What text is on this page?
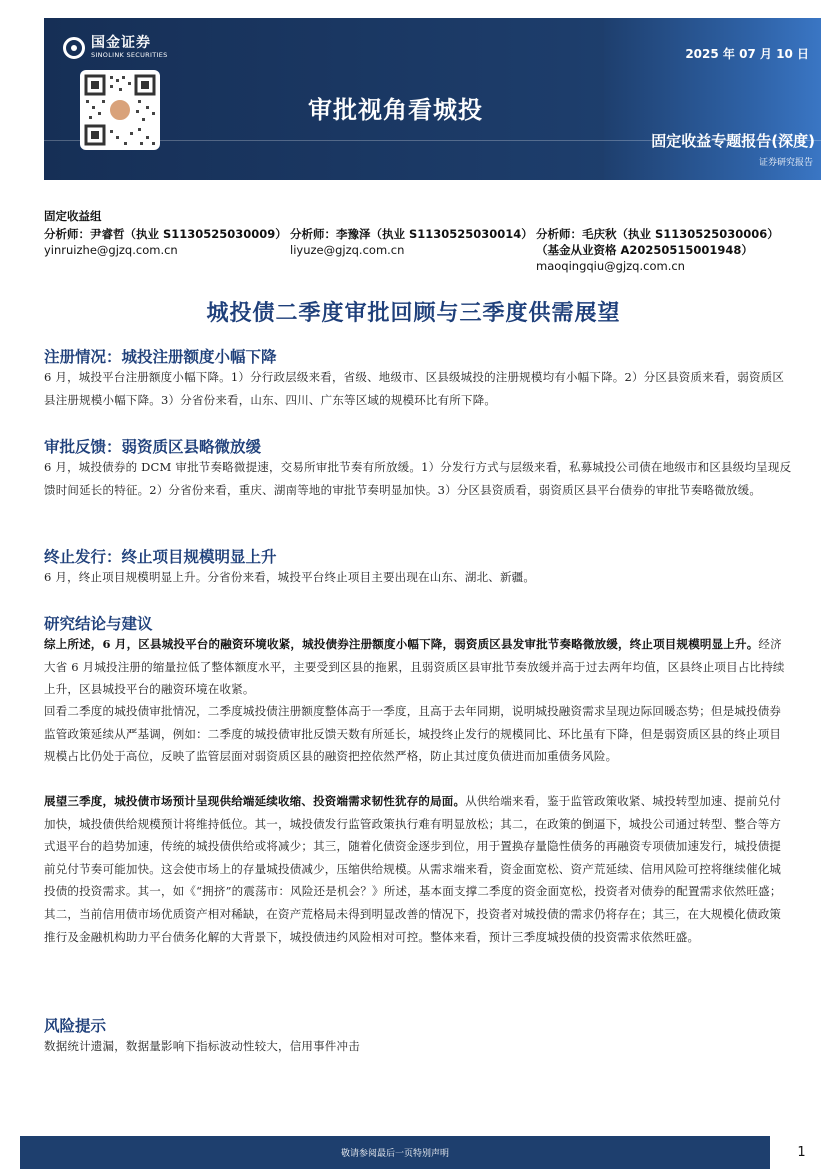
国金证券
SINOLINK SECURITIES	2025 年 07 月 10 日
审批视角看城投
固定收益专题报告(深度)
证券研究报告
固定收益组
分析师：尹睿哲（执业 S1130525030009）
yinruizhe@gjzq.com.cn
分析师：李豫泽（执业 S1130525030014）
liyuze@gjzq.com.cn
分析师：毛庆秋（执业 S1130525030006）
（基金从业资格 A20250515001948）
maoqingqiu@gjzq.com.cn
城投债二季度审批回顾与三季度供需展望
注册情况：城投注册额度小幅下降
6 月，城投平台注册额度小幅下降。1）分行政层级来看，省级、地级市、区县级城投的注册规模均有小幅下降。2）分区县资质来看，弱资质区县注册规模小幅下降。3）分省份来看，山东、四川、广东等区域的规模环比有所下降。
审批反馈：弱资质区县略微放缓
6 月，城投债券的 DCM 审批节奏略微提速，交易所审批节奏有所放缓。1）分发行方式与层级来看，私募城投公司债在地级市和区县级均呈现反馈时间延长的特征。2）分省份来看，重庆、湖南等地的审批节奏明显加快。3）分区县资质看，弱资质区县平台债券的审批节奏略微放缓。
终止发行：终止项目规模明显上升
6 月，终止项目规模明显上升。分省份来看，城投平台终止项目主要出现在山东、湖北、新疆。
研究结论与建议
综上所述，6 月，区县城投平台的融资环境收紧，城投债券注册额度小幅下降，弱资质区县发审批节奏略微放缓，终止项目规模明显上升。经济大省 6 月城投注册的缩量拉低了整体额度水平，主要受到区县的拖累，且弱资质区县审批节奏放缓并高于过去两年均值，区县终止项目占比持续上升，区县城投平台的融资环境在收紧。
回看二季度的城投债审批情况，二季度城投债注册额度整体高于一季度，且高于去年同期，说明城投融资需求呈现边际回暖态势；但是城投债券监管政策延续从严基调，例如：二季度的城投债审批反馈天数有所延长，城投终止发行的规模同比、环比虽有下降，但是弱资质区县的终止项目规模占比仍处于高位，反映了监管层面对弱资质区县的融资把控依然严格，防止其过度负债进而加重债务风险。
展望三季度，城投债市场预计呈现供给端延续收缩、投资端需求韧性犹存的局面。从供给端来看，鉴于监管政策收紧、城投转型加速、提前兑付加快，城投债供给规模预计将维持低位。其一，城投债发行监管政策执行难有明显放松；其二，在政策的倒逼下，城投公司通过转型、整合等方式退平台的趋势加速，传统的城投债供给或将减少；其三，随着化债资金逐步到位，用于置换存量隐性债务的再融资专项债加速发行，城投债提前兑付节奏可能加快。这会使市场上的存量城投债减少，压缩供给规模。从需求端来看，资金面宽松、资产荒延续、信用风险可控将继续催化城投债的投资需求。其一，如《“拥挤”的震荡市：风险还是机会？》所述，基本面支撑二季度的资金面宽松，投资者对债券的配置需求依然旺盛；其二，当前信用债市场优质资产相对稀缺，在资产荒格局未得到明显改善的情况下，投资者对城投债的需求仍将存在；其三，在大规模化债政策推行及金融机构助力平台债务化解的大背景下，城投债违约风险相对可控。整体来看，预计三季度城投债的投资需求依然旺盛。
风险提示
数据统计遗漏，数据量影响下指标波动性较大，信用事件冲击
敬请参阅最后一页特别声明	1
